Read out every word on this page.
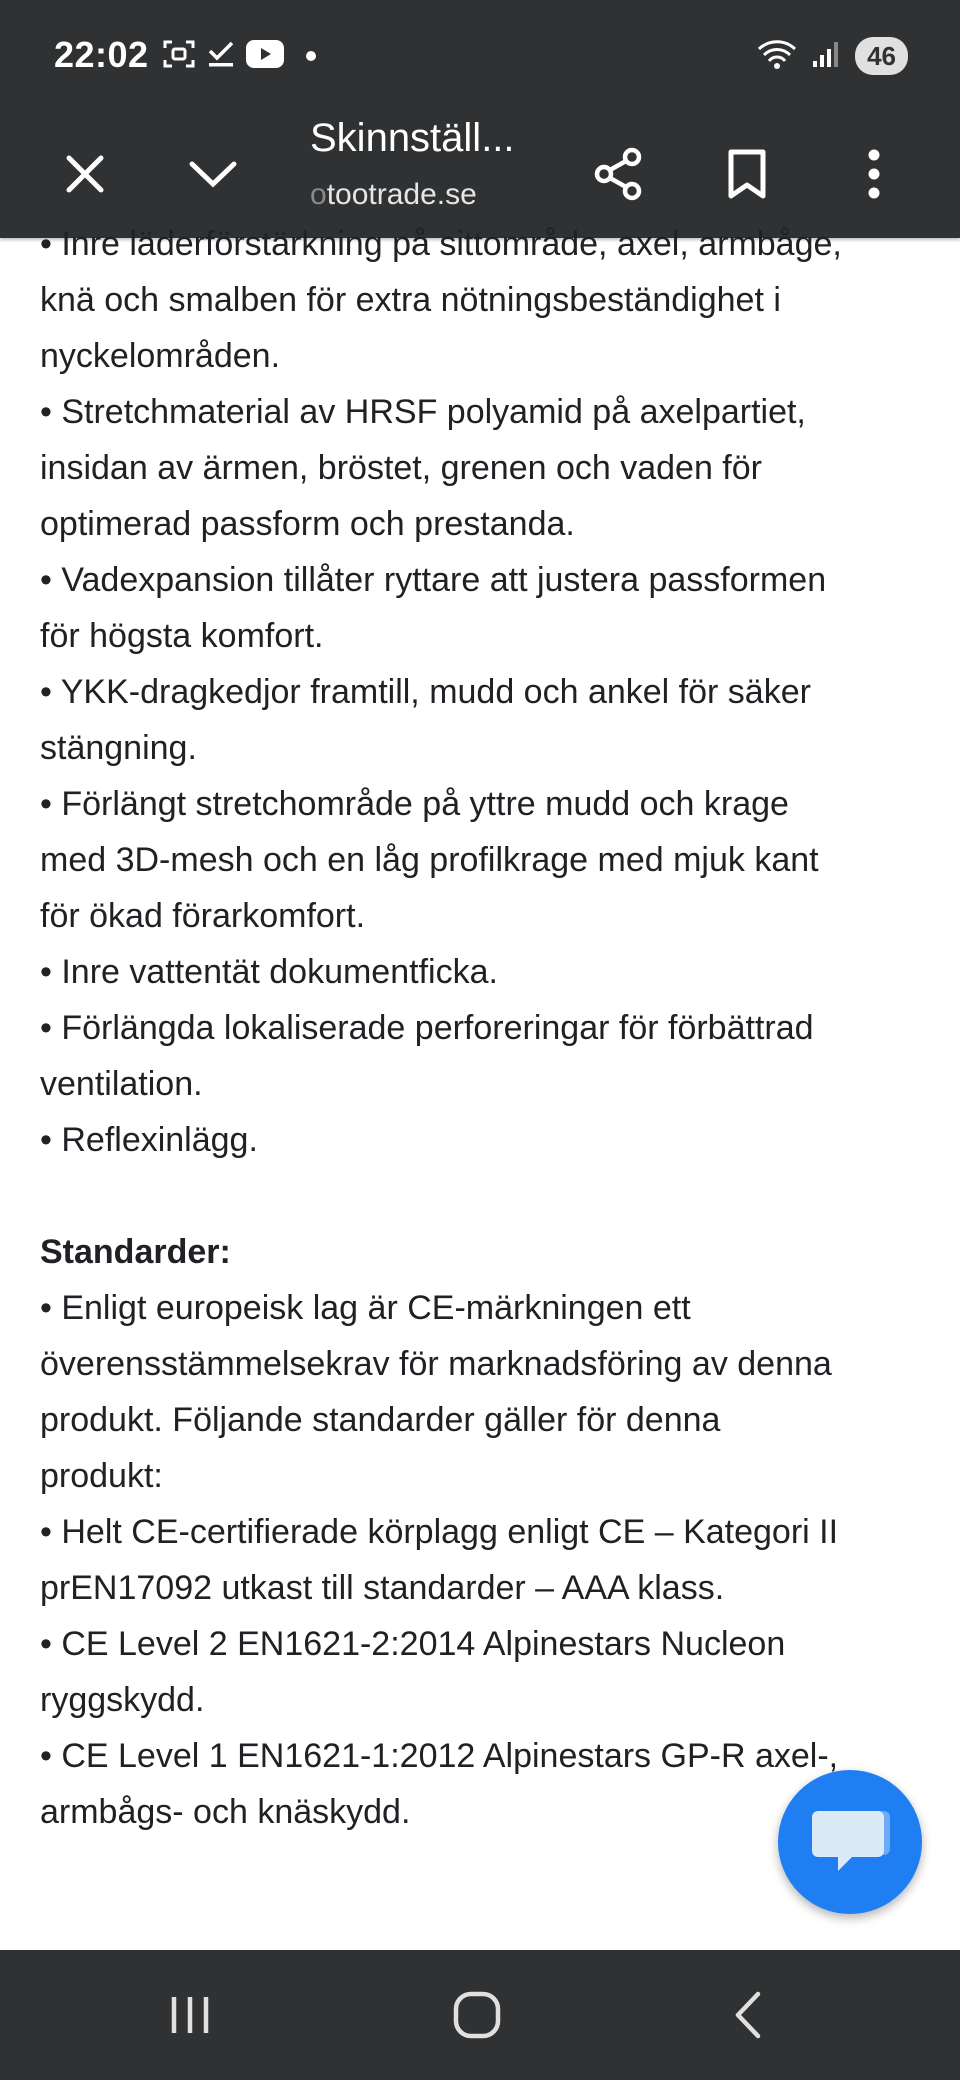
22:02	46
Skinnställ...
otootrade.se

• Inre läderförstärkning på sittområde, axel, armbåge,

knä och smalben för extra nötningsbeständighet i

nyckelområden.

• Stretchmaterial av HRSF polyamid på axelpartiet,

insidan av ärmen, bröstet, grenen och vaden för

optimerad passform och prestanda.

• Vadexpansion tillåter ryttare att justera passformen

för högsta komfort.

• YKK-dragkedjor framtill, mudd och ankel för säker

stängning.

• Förlängt stretchområde på yttre mudd och krage

med 3D-mesh och en låg profilkrage med mjuk kant

för ökad förarkomfort.

• Inre vattentät dokumentficka.

• Förlängda lokaliserade perforeringar för förbättrad

ventilation.

• Reflexinlägg.

Standarder:

• Enligt europeisk lag är CE-märkningen ett

överensstämmelsekrav för marknadsföring av denna

produkt. Följande standarder gäller för denna

produkt:

• Helt CE-certifierade körplagg enligt CE – Kategori II

prEN17092 utkast till standarder – AAA klass.

• CE Level 2 EN1621-2:2014 Alpinestars Nucleon

ryggskydd.

• CE Level 1 EN1621-1:2012 Alpinestars GP-R axel-,

armbågs- och knäskydd.
